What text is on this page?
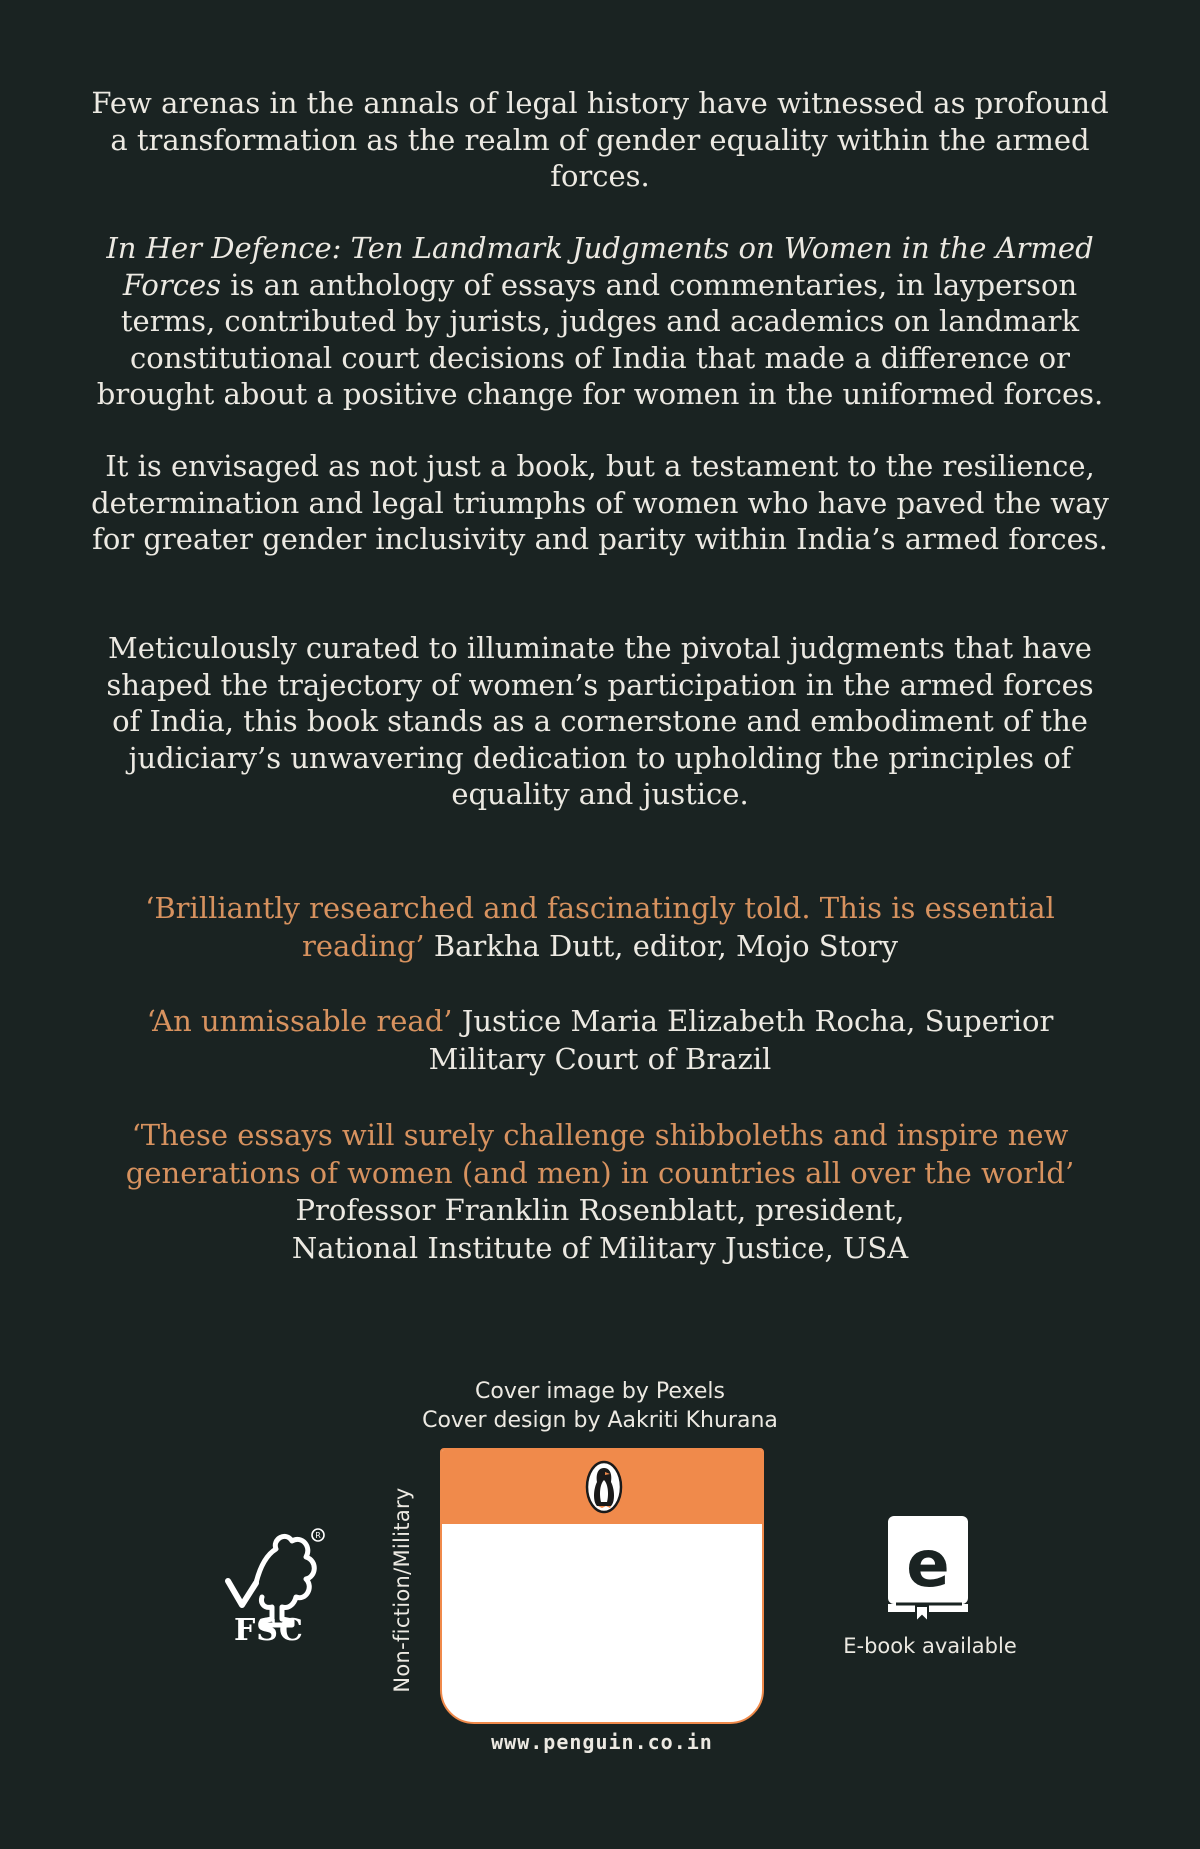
Few arenas in the annals of legal history have witnessed as profound a transformation as the realm of gender equality within the armed forces.

In Her Defence: Ten Landmark Judgments on Women in the Armed Forces is an anthology of essays and commentaries, in layperson terms, contributed by jurists, judges and academics on landmark constitutional court decisions of India that made a difference or brought about a positive change for women in the uniformed forces.

It is envisaged as not just a book, but a testament to the resilience, determination and legal triumphs of women who have paved the way for greater gender inclusivity and parity within India’s armed forces.

Meticulously curated to illuminate the pivotal judgments that have shaped the trajectory of women’s participation in the armed forces of India, this book stands as a cornerstone and embodiment of the judiciary’s unwavering dedication to upholding the principles of equality and justice.

‘Brilliantly researched and fascinatingly told. This is essential reading’ Barkha Dutt, editor, Mojo Story

‘An unmissable read’ Justice Maria Elizabeth Rocha, Superior Military Court of Brazil

‘These essays will surely challenge shibboleths and inspire new generations of women (and men) in countries all over the world’
Professor Franklin Rosenblatt, president,
National Institute of Military Justice, USA

Cover image by Pexels
Cover design by Aakriti Khurana
R
FSC	Non-fiction/Military
www.penguin.co.in
e
E-book available
